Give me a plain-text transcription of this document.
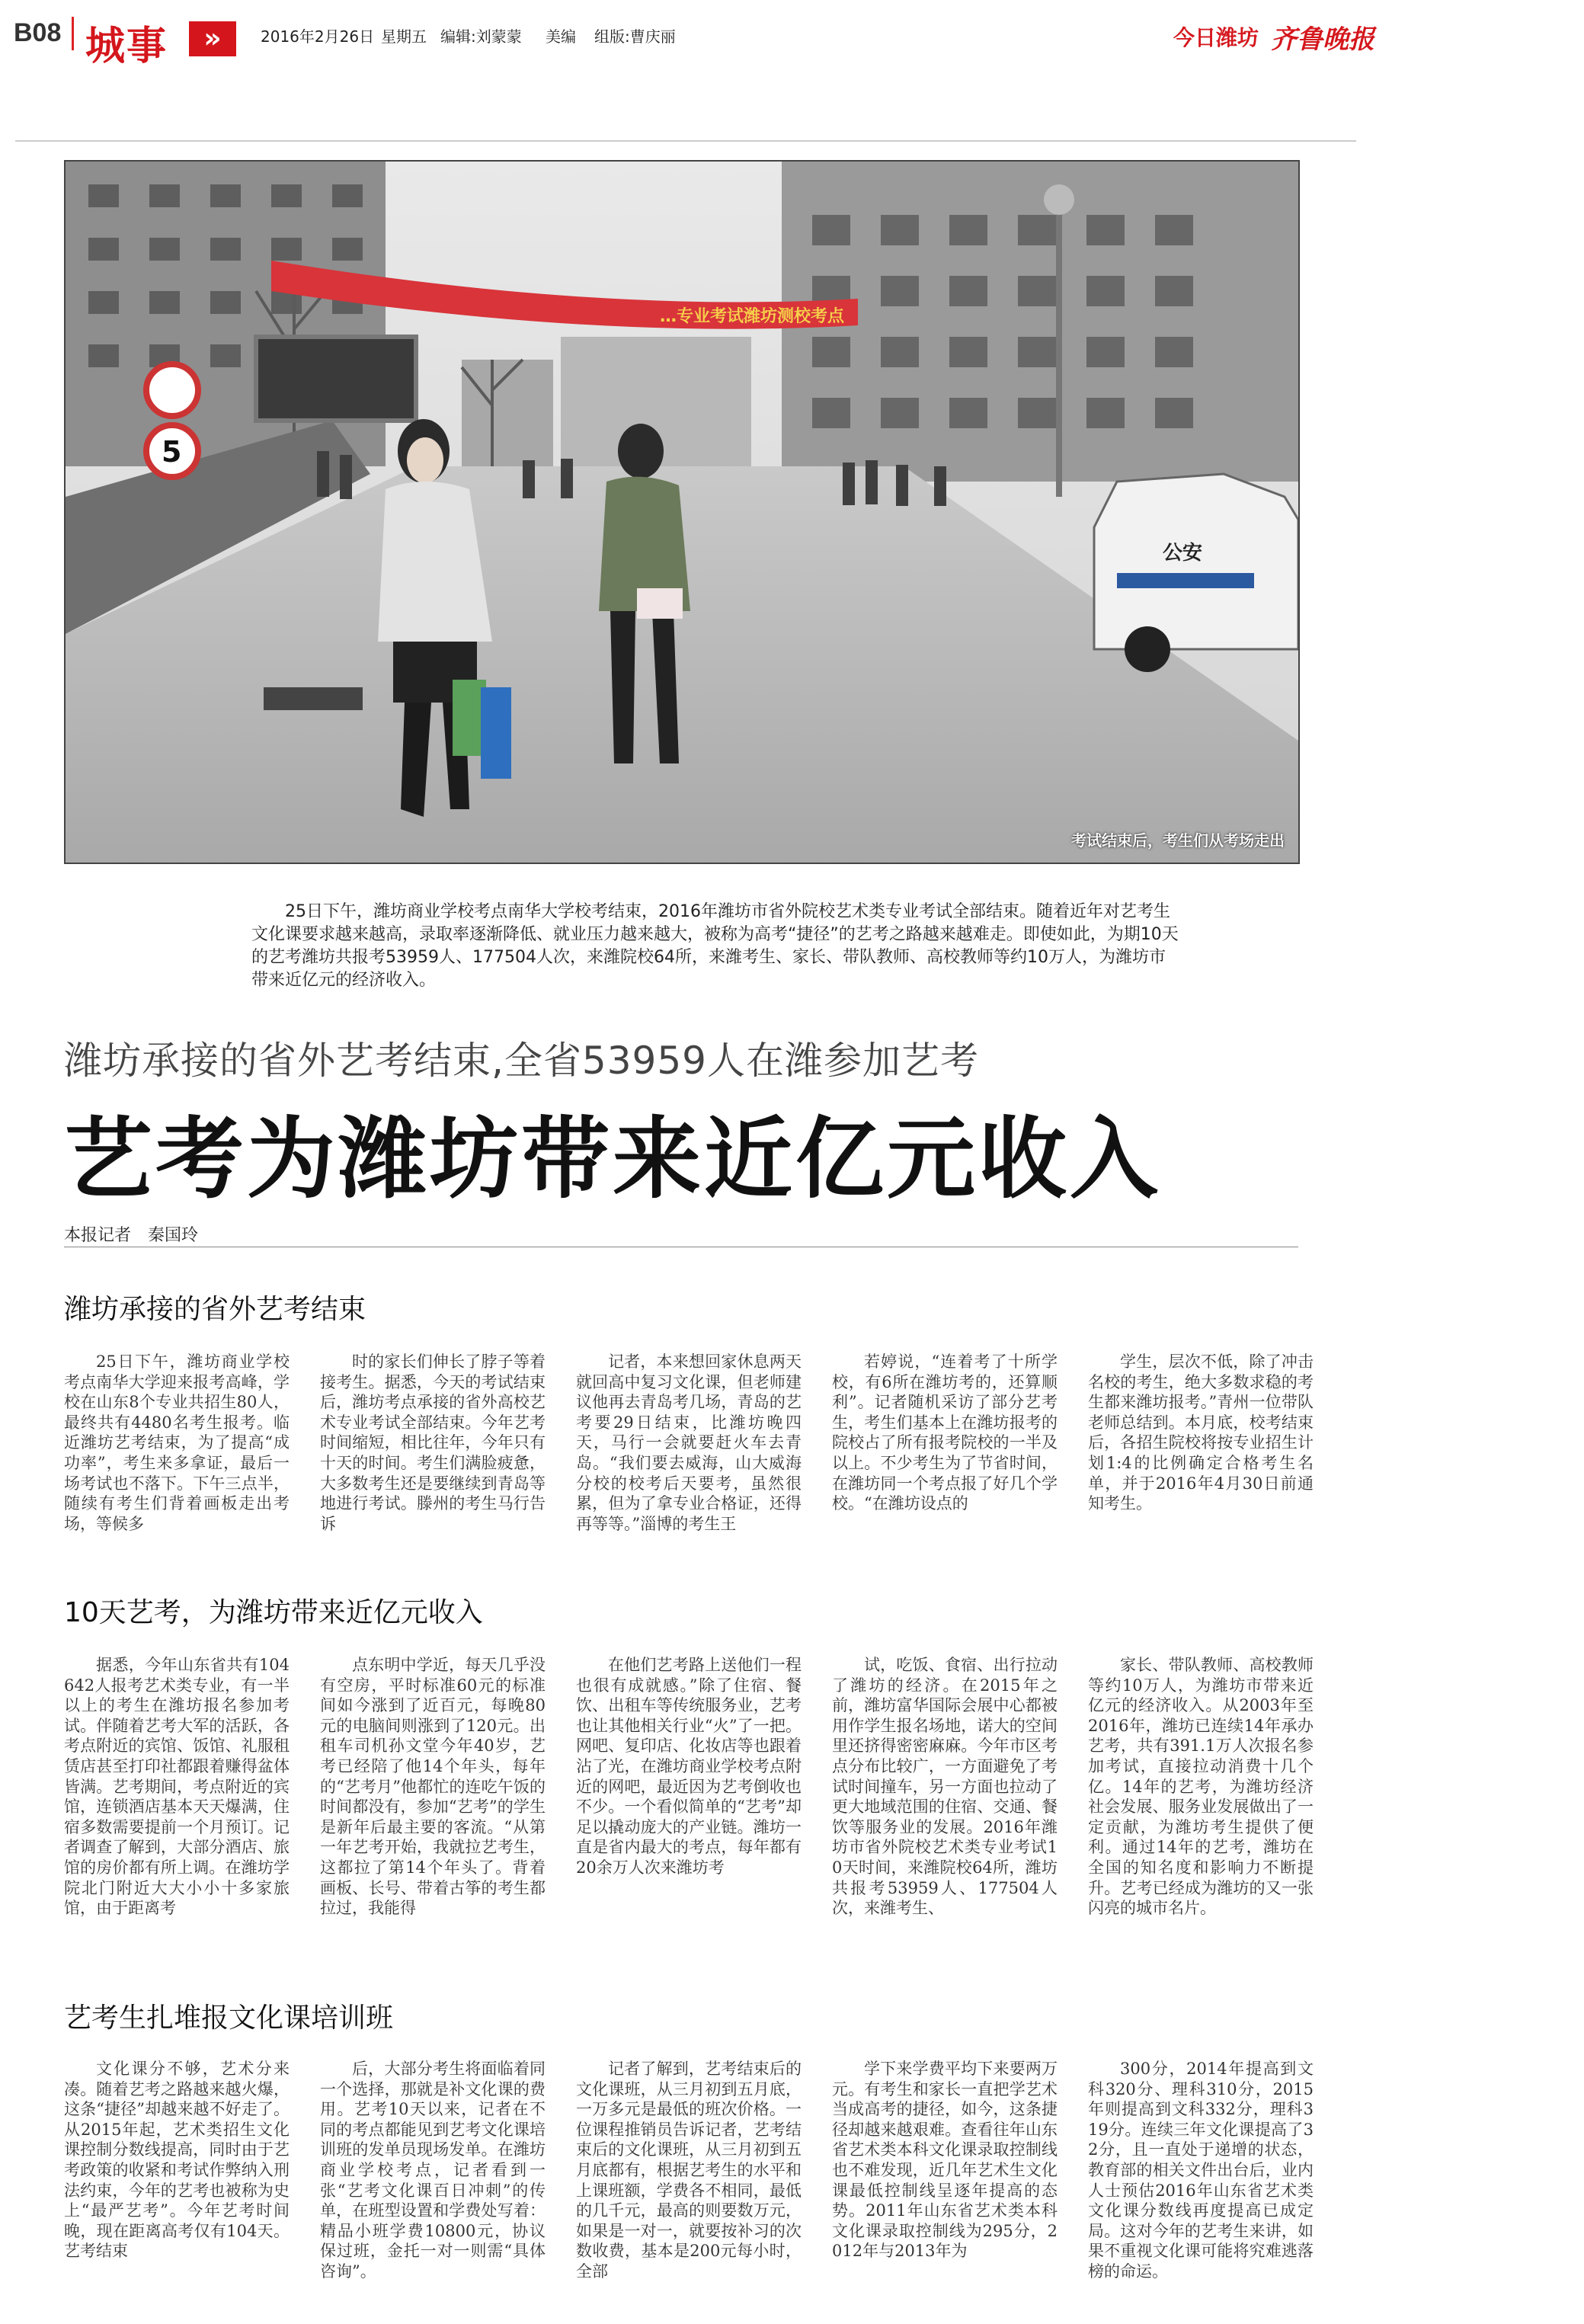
B08 城事	»	2016年2月26日 星期五 编辑:刘蒙蒙 美编 组版:曹庆丽	今日潍坊 齐鲁晚报
…专业考试潍坊测校考点
5
公安
考试结束后，考生们从考场走出
25日下午，潍坊商业学校考点南华大学校考结束，2016年潍坊市省外院校艺术类专业考试全部结束。随着近年对艺考生文化课要求越来越高，录取率逐渐降低、就业压力越来越大，被称为高考“捷径”的艺考之路越来越难走。即使如此，为期10天的艺考潍坊共报考53959人、177504人次，来潍院校64所，来潍考生、家长、带队教师、高校教师等约10万人，为潍坊市带来近亿元的经济收入。
潍坊承接的省外艺考结束,全省53959人在潍参加艺考
艺考为潍坊带来近亿元收入
本报记者　秦国玲
潍坊承接的省外艺考结束
25日下午，潍坊商业学校考点南华大学迎来报考高峰，学校在山东8个专业共招生80人，最终共有4480名考生报考。临近潍坊艺考结束，为了提高“成功率”，考生来多拿证，最后一场考试也不落下。下午三点半，随续有考生们背着画板走出考场，等候多
时的家长们伸长了脖子等着接考生。据悉，今天的考试结束后，潍坊考点承接的省外高校艺术专业考试全部结束。今年艺考时间缩短，相比往年，今年只有十天的时间。考生们满脸疲惫，大多数考生还是要继续到青岛等地进行考试。滕州的考生马行告诉
记者，本来想回家休息两天就回高中复习文化课，但老师建议他再去青岛考几场，青岛的艺考要29日结束，比潍坊晚四天，马行一会就要赶火车去青岛。“我们要去威海，山大威海分校的校考后天要考，虽然很累，但为了拿专业合格证，还得再等等。”淄博的考生王
若婷说，“连着考了十所学校，有6所在潍坊考的，还算顺利”。记者随机采访了部分艺考生，考生们基本上在潍坊报考的院校占了所有报考院校的一半及以上。不少考生为了节省时间，在潍坊同一个考点报了好几个学校。“在潍坊设点的
学生，层次不低，除了冲击名校的考生，绝大多数求稳的考生都来潍坊报考。”青州一位带队老师总结到。本月底，校考结束后，各招生院校将按专业招生计划1:4的比例确定合格考生名单，并于2016年4月30日前通知考生。
10天艺考，为潍坊带来近亿元收入
据悉，今年山东省共有104642人报考艺术类专业，有一半以上的考生在潍坊报名参加考试。伴随着艺考大军的活跃，各考点附近的宾馆、饭馆、礼服租赁店甚至打印社都跟着赚得盆体皆满。艺考期间，考点附近的宾馆，连锁酒店基本天天爆满，住宿多数需要提前一个月预订。记者调查了解到，大部分酒店、旅馆的房价都有所上调。在潍坊学院北门附近大大小小十多家旅馆，由于距离考
点东明中学近，每天几乎没有空房，平时标准60元的标准间如今涨到了近百元，每晚80元的电脑间则涨到了120元。出租车司机孙文堂今年40岁，艺考已经陪了他14个年头，每年的“艺考月”他都忙的连吃午饭的时间都没有，参加“艺考”的学生是新年后最主要的客流。“从第一年艺考开始，我就拉艺考生，这都拉了第14个年头了。背着画板、长号、带着古筝的考生都拉过，我能得
在他们艺考路上送他们一程也很有成就感。”除了住宿、餐饮、出租车等传统服务业，艺考也让其他相关行业“火”了一把。网吧、复印店、化妆店等也跟着沾了光，在潍坊商业学校考点附近的网吧，最近因为艺考倒收也不少。一个看似简单的“艺考”却足以撬动庞大的产业链。潍坊一直是省内最大的考点，每年都有20余万人次来潍坊考
试，吃饭、食宿、出行拉动了潍坊的经济。在2015年之前，潍坊富华国际会展中心都被用作学生报名场地，诺大的空间里还挤得密密麻麻。今年市区考点分布比较广，一方面避免了考试时间撞车，另一方面也拉动了更大地域范围的住宿、交通、餐饮等服务业的发展。2016年潍坊市省外院校艺术类专业考试10天时间，来潍院校64所，潍坊共报考53959人、177504人次，来潍考生、
家长、带队教师、高校教师等约10万人，为潍坊市带来近亿元的经济收入。从2003年至2016年，潍坊已连续14年承办艺考，共有391.1万人次报名参加考试，直接拉动消费十几个亿。14年的艺考，为潍坊经济社会发展、服务业发展做出了一定贡献，为潍坊考生提供了便利。通过14年的艺考，潍坊在全国的知名度和影响力不断提升。艺考已经成为潍坊的又一张闪亮的城市名片。
艺考生扎堆报文化课培训班
文化课分不够，艺术分来凑。随着艺考之路越来越火爆，这条“捷径”却越来越不好走了。从2015年起，艺术类招生文化课控制分数线提高，同时由于艺考政策的收紧和考试作弊纳入刑法约束，今年的艺考也被称为史上“最严艺考”。今年艺考时间晚，现在距离高考仅有104天。艺考结束
后，大部分考生将面临着同一个选择，那就是补文化课的费用。艺考10天以来，记者在不同的考点都能见到艺考文化课培训班的发单员现场发单。在潍坊商业学校考点，记者看到一张“艺考文化课百日冲刺”的传单，在班型设置和学费处写着：精品小班学费10800元，协议保过班，金托一对一则需“具体咨询”。
记者了解到，艺考结束后的文化课班，从三月初到五月底，一万多元是最低的班次价格。一位课程推销员告诉记者，艺考结束后的文化课班，从三月初到五月底都有，根据艺考生的水平和上课班额，学费各不相同，最低的几千元，最高的则要数万元，如果是一对一，就要按补习的次数收费，基本是200元每小时，全部
学下来学费平均下来要两万元。有考生和家长一直把学艺术当成高考的捷径，如今，这条捷径却越来越艰难。查看往年山东省艺术类本科文化课录取控制线也不难发现，近几年艺术生文化课最低控制线呈逐年提高的态势。2011年山东省艺术类本科文化课录取控制线为295分，2012年与2013年为
300分，2014年提高到文科320分、理科310分，2015年则提高到文科332分，理科319分。连续三年文化课提高了32分，且一直处于递增的状态，教育部的相关文件出台后，业内人士预估2016年山东省艺术类文化课分数线再度提高已成定局。这对今年的艺考生来讲，如果不重视文化课可能将究难逃落榜的命运。
